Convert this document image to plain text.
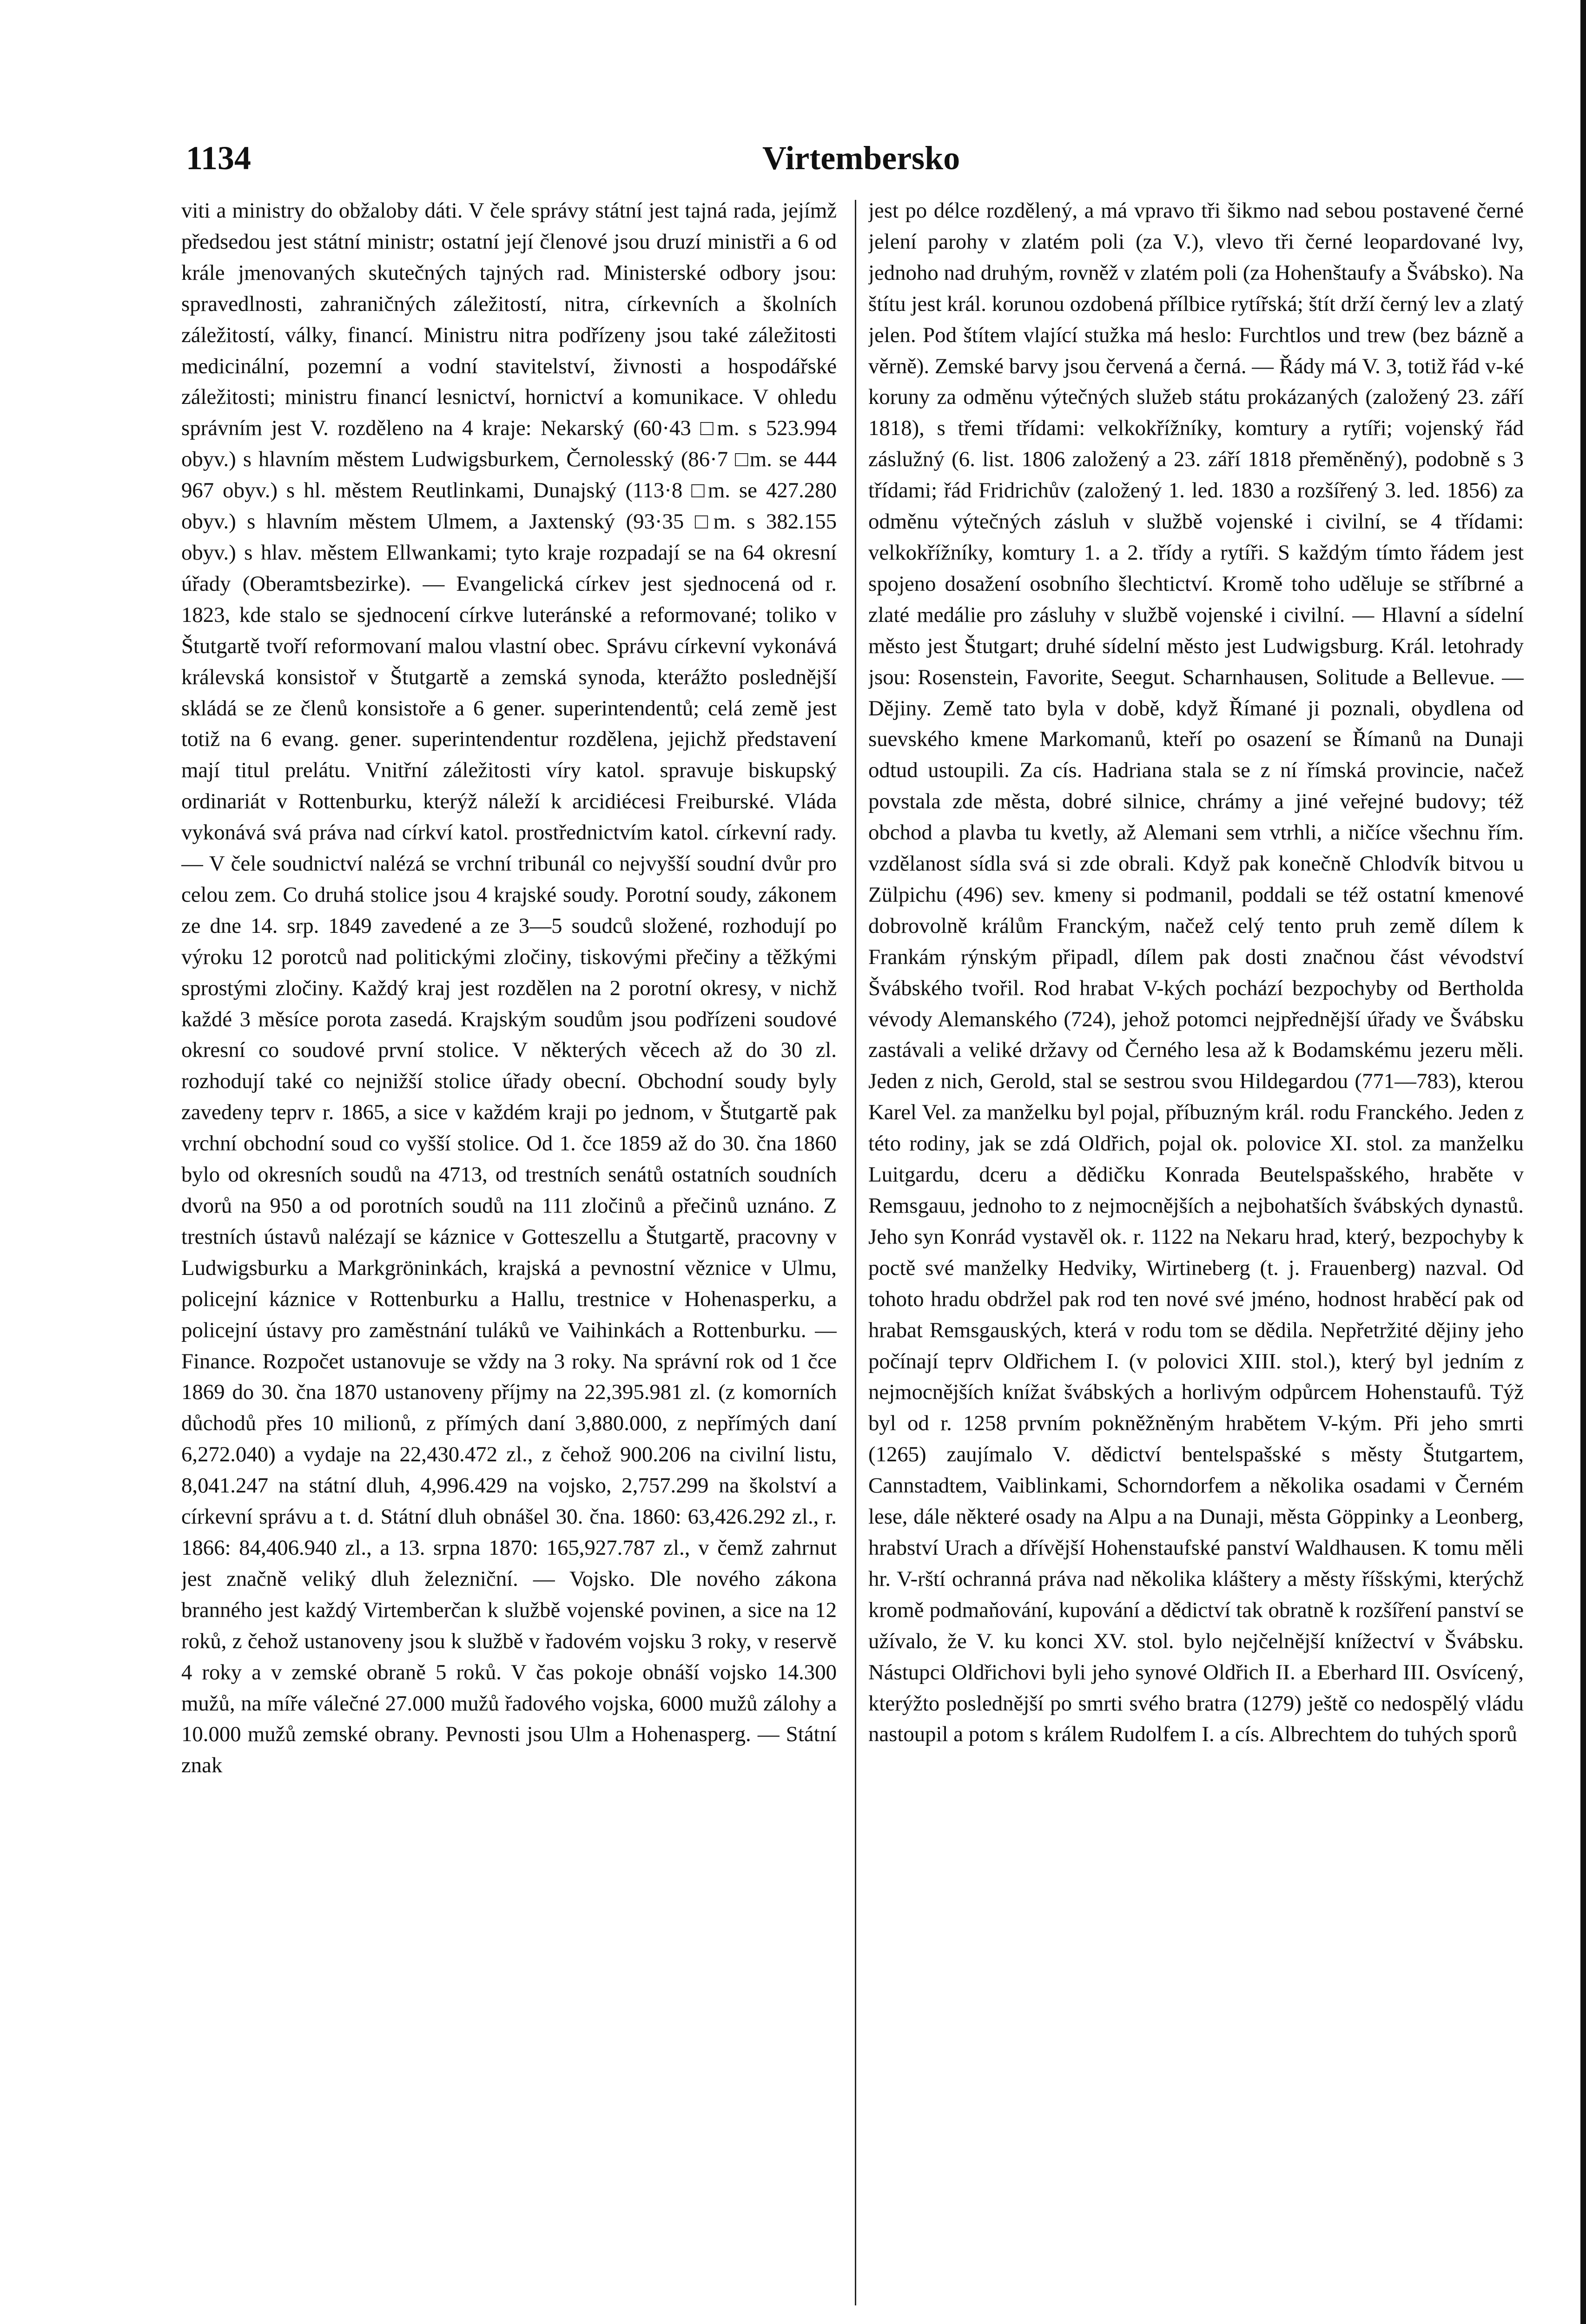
1134	Virtembersko

viti a ministry do obžaloby dáti. V čele správy státní jest tajná rada, jejímž předsedou jest státní ministr; ostatní její členové jsou druzí ministři a 6 od krále jmenovaných skutečných tajných rad. Ministerské odbory jsou: spravedlnosti, zahraničných záležitostí, nitra, církevních a školních záležitostí, války, financí. Ministru nitra podřízeny jsou také záležitosti medicinální, pozemní a vodní stavitelství, živnosti a hospodářské záležitosti; ministru financí lesnictví, hornictví a komunikace. V ohledu správním jest V. rozděleno na 4 kraje: Nekarský (60·43 □m. s 523.994 obyv.) s hlavním městem Ludwigsburkem, Černolesský (86·7 □m. se 444 967 obyv.) s hl. městem Reutlinkami, Dunajský (113·8 □m. se 427.280 obyv.) s hlavním městem Ulmem, a Jaxtenský (93·35 □m. s 382.155 obyv.) s hlav. městem Ellwankami; tyto kraje rozpadají se na 64 okresní úřady (Oberamtsbezirke). — Evangelická církev jest sjednocená od r. 1823, kde stalo se sjednocení církve luteránské a reformované; toliko v Štutgartě tvoří reformovaní malou vlastní obec. Správu církevní vykonává králevská konsistoř v Štutgartě a zemská synoda, kterážto poslednější skládá se ze členů konsistoře a 6 gener. superintendentů; celá země jest totiž na 6 evang. gener. superintendentur rozdělena, jejichž představení mají titul prelátu. Vnitřní záležitosti víry katol. spravuje biskupský ordinariát v Rottenburku, kterýž náleží k arcidiécesi Freiburské. Vláda vykonává svá práva nad církví katol. prostřednictvím katol. církevní rady. — V čele soudnictví nalézá se vrchní tribunál co nejvyšší soudní dvůr pro celou zem. Co druhá stolice jsou 4 krajské soudy. Porotní soudy, zákonem ze dne 14. srp. 1849 zavedené a ze 3—5 soudců složené, rozhodují po výroku 12 porotců nad politickými zločiny, tiskovými přečiny a těžkými sprostými zločiny. Každý kraj jest rozdělen na 2 porotní okresy, v nichž každé 3 měsíce porota zasedá. Krajským soudům jsou podřízeni soudové okresní co soudové první stolice. V některých věcech až do 30 zl. rozhodují také co nejnižší stolice úřady obecní. Obchodní soudy byly zavedeny teprv r. 1865, a sice v každém kraji po jednom, v Štutgartě pak vrchní obchodní soud co vyšší stolice. Od 1. čce 1859 až do 30. čna 1860 bylo od okresních soudů na 4713, od trestních senátů ostatních soudních dvorů na 950 a od porotních soudů na 111 zločinů a přečinů uznáno. Z trestních ústavů nalézají se káznice v Gotteszellu a Štutgartě, pracovny v Ludwigsburku a Markgröninkách, krajská a pevnostní věznice v Ulmu, policejní káznice v Rottenburku a Hallu, trestnice v Hohenasperku, a policejní ústavy pro zaměstnání tuláků ve Vaihinkách a Rottenburku. — Finance. Rozpočet ustanovuje se vždy na 3 roky. Na správní rok od 1 čce 1869 do 30. čna 1870 ustanoveny příjmy na 22,395.981 zl. (z komorních důchodů přes 10 milionů, z přímých daní 3,880.000, z nepřímých daní 6,272.040) a vydaje na 22,430.472 zl., z čehož 900.206 na civilní listu, 8,041.247 na státní dluh, 4,996.429 na vojsko, 2,757.299 na školství a církevní správu a t. d. Státní dluh obnášel 30. čna. 1860: 63,426.292 zl., r. 1866: 84,406.940 zl., a 13. srpna 1870: 165,927.787 zl., v čemž zahrnut jest značně veliký dluh železniční. — Vojsko. Dle nového zákona branného jest každý Virtemberčan k službě vojenské povinen, a sice na 12 roků, z čehož ustanoveny jsou k službě v řadovém vojsku 3 roky, v reservě 4 roky a v zemské obraně 5 roků. V čas pokoje obnáší vojsko 14.300 mužů, na míře válečné 27.000 mužů řadového vojska, 6000 mužů zálohy a 10.000 mužů zemské obrany. Pevnosti jsou Ulm a Hohenasperg. — Státní znak

jest po délce rozdělený, a má vpravo tři šikmo nad sebou postavené černé jelení parohy v zlatém poli (za V.), vlevo tři černé leopardované lvy, jednoho nad druhým, rovněž v zlatém poli (za Hohenštaufy a Švábsko). Na štítu jest král. korunou ozdobená přílbice rytířská; štít drží černý lev a zlatý jelen. Pod štítem vlající stužka má heslo: Furchtlos und trew (bez bázně a věrně). Zemské barvy jsou červená a černá. — Řády má V. 3, totiž řád v-ké koruny za odměnu výtečných služeb státu prokázaných (založený 23. září 1818), s třemi třídami: velkokřížníky, komtury a rytíři; vojenský řád záslužný (6. list. 1806 založený a 23. září 1818 přeměněný), podobně s 3 třídami; řád Fridrichův (založený 1. led. 1830 a rozšířený 3. led. 1856) za odměnu výtečných zásluh v službě vojenské i civilní, se 4 třídami: velkokřížníky, komtury 1. a 2. třídy a rytíři. S každým tímto řádem jest spojeno dosažení osobního šlechtictví. Kromě toho uděluje se stříbrné a zlaté medálie pro zásluhy v službě vojenské i civilní. — Hlavní a sídelní město jest Štutgart; druhé sídelní město jest Ludwigsburg. Král. letohrady jsou: Rosenstein, Favorite, Seegut. Scharnhausen, Solitude a Bellevue. — Dějiny. Země tato byla v době, když Římané ji poznali, obydlena od suevského kmene Markomanů, kteří po osazení se Římanů na Dunaji odtud ustoupili. Za cís. Hadriana stala se z ní římská provincie, načež povstala zde města, dobré silnice, chrámy a jiné veřejné budovy; též obchod a plavba tu kvetly, až Alemani sem vtrhli, a ničíce všechnu řím. vzdělanost sídla svá si zde obrali. Když pak konečně Chlodvík bitvou u Zülpichu (496) sev. kmeny si podmanil, poddali se též ostatní kmenové dobrovolně králům Franckým, načež celý tento pruh země dílem k Frankám rýnským připadl, dílem pak dosti značnou část vévodství Švábského tvořil. Rod hrabat V-kých pochází bezpochyby od Bertholda vévody Alemanského (724), jehož potomci nejpřednější úřady ve Švábsku zastávali a veliké državy od Černého lesa až k Bodamskému jezeru měli. Jeden z nich, Gerold, stal se sestrou svou Hildegardou (771—783), kterou Karel Vel. za manželku byl pojal, příbuzným král. rodu Franckého. Jeden z této rodiny, jak se zdá Oldřich, pojal ok. polovice XI. stol. za manželku Luitgardu, dceru a dědičku Konrada Beutelspašského, hraběte v Remsgauu, jednoho to z nejmocnějších a nejbohatších švábských dynastů. Jeho syn Konrád vystavěl ok. r. 1122 na Nekaru hrad, který, bezpochyby k poctě své manželky Hedviky, Wirtineberg (t. j. Frauenberg) nazval. Od tohoto hradu obdržel pak rod ten nové své jméno, hodnost hraběcí pak od hrabat Remsgauských, která v rodu tom se dědila. Nepřetržité dějiny jeho počínají teprv Oldřichem I. (v polovici XIII. stol.), který byl jedním z nejmocnějších knížat švábských a horlivým odpůrcem Hohenstaufů. Týž byl od r. 1258 prvním pokněžněným hrabětem V-kým. Při jeho smrti (1265) zaujímalo V. dědictví bentelspašské s městy Štutgartem, Cannstadtem, Vaiblinkami, Schorndorfem a několika osadami v Černém lese, dále některé osady na Alpu a na Dunaji, města Göppinky a Leonberg, hrabství Urach a dřívější Hohenstaufské panství Waldhausen. K tomu měli hr. V-rští ochranná práva nad několika kláštery a městy říšskými, kterýchž kromě podmaňování, kupování a dědictví tak obratně k rozšíření panství se užívalo, že V. ku konci XV. stol. bylo nejčelnější knížectví v Švábsku. Nástupci Oldřichovi byli jeho synové Oldřich II. a Eberhard III. Osvícený, kterýžto poslednější po smrti svého bratra (1279) ještě co nedospělý vládu nastoupil a potom s králem Rudolfem I. a cís. Albrechtem do tuhých sporů
